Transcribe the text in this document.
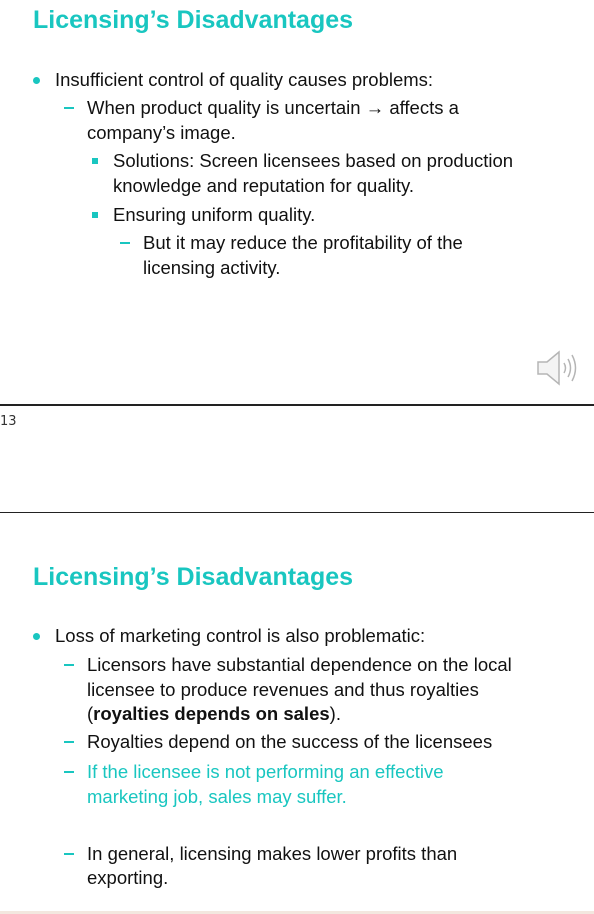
Licensing’s Disadvantages

Insufficient control of quality causes problems:

When product quality is uncertain → affects a

company’s image.

Solutions: Screen licensees based on production

knowledge and reputation for quality.

Ensuring uniform quality.

But it may reduce the profitability of the

licensing activity.

13
Licensing’s Disadvantages

Loss of marketing control is also problematic:

Licensors have substantial dependence on the local

licensee to produce revenues and thus royalties

(royalties depends on sales).

Royalties depend on the success of the licensees

If the licensee is not performing an effective

marketing job, sales may suffer.

In general, licensing makes lower profits than

exporting.
